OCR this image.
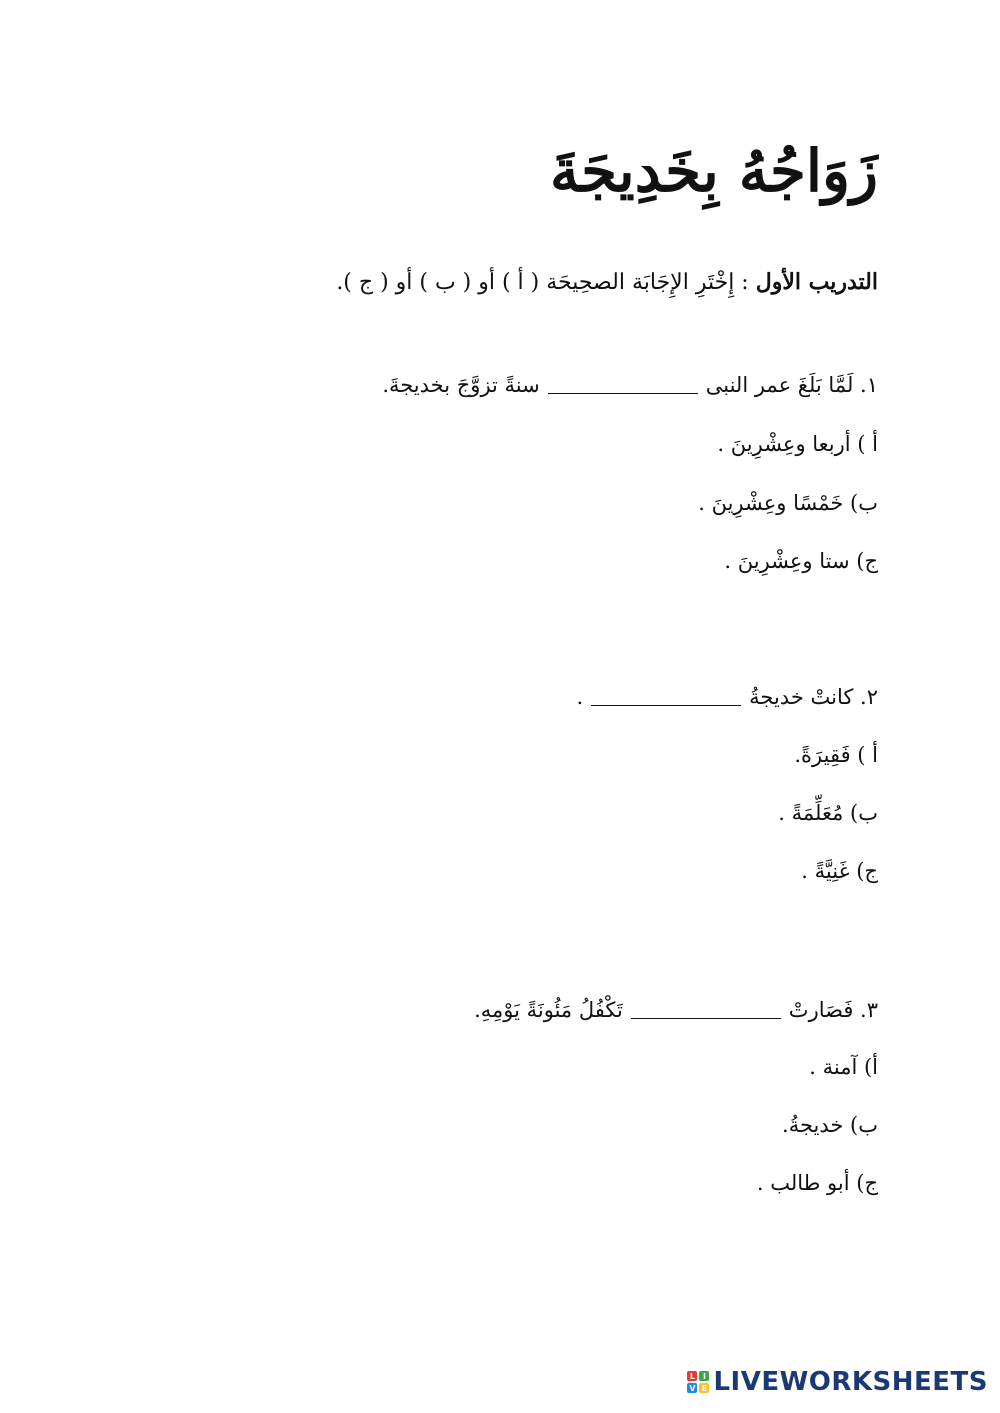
زَوَاجُهُ بِخَدِيجَةَ
التدريب الأول : إِخْتَرِ الإِجَابَة الصحِيحَة ( أ ) أو ( ب ) أو ( ج ).
١. لَمَّا بَلَغَ عمر النبىسنةً تزوَّجَ بخديجةَ.
أ ) أربعا وعِشْرِينَ .
ب) خَمْسًا وعِشْرِينَ .
ج) ستا وعِشْرِينَ .
٢. كانتْ خديجةُ.
أ ) فَقِيرَةً.
ب) مُعَلِّمَةً .
ج) غَنِيَّةً .
٣. فَصَارتْتَكْفُلُ مَئُونَةً يَوْمِهِ.
أ) آمنة .
ب) خديجةُ.
ج) أبو طالب .
L I
V E LIVEWORKSHEETS
